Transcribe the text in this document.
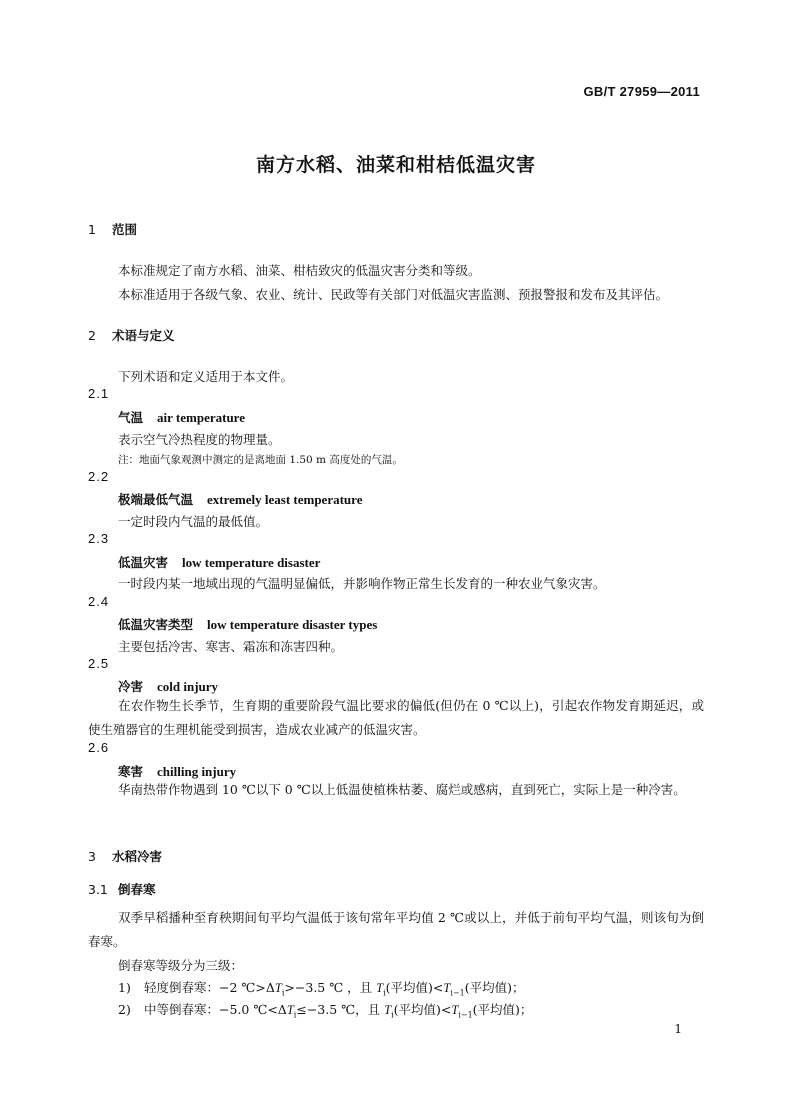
GB/T 27959—2011
南方水稻、油菜和柑桔低温灾害
1 范围
本标准规定了南方水稻、油菜、柑桔致灾的低温灾害分类和等级。
本标准适用于各级气象、农业、统计、民政等有关部门对低温灾害监测、预报警报和发布及其评估。
2 术语与定义
下列术语和定义适用于本文件。
2.1
气温 air temperature
表示空气冷热程度的物理量。
注：地面气象观测中测定的是离地面 1.50 m 高度处的气温。
2.2
极端最低气温 extremely least temperature
一定时段内气温的最低值。
2.3
低温灾害 low temperature disaster
一时段内某一地域出现的气温明显偏低，并影响作物正常生长发育的一种农业气象灾害。
2.4
低温灾害类型 low temperature disaster types
主要包括冷害、寒害、霜冻和冻害四种。
2.5
冷害 cold injury
在农作物生长季节，生育期的重要阶段气温比要求的偏低(但仍在 0 ℃以上)，引起农作物发育期延迟，或使生殖器官的生理机能受到损害，造成农业减产的低温灾害。
2.6
寒害 chilling injury
华南热带作物遇到 10 ℃以下 0 ℃以上低温使植株枯萎、腐烂或感病，直到死亡，实际上是一种冷害。
3 水稻冷害
3.1 倒春寒
双季早稻播种至育秧期间旬平均气温低于该旬常年平均值 2 ℃或以上，并低于前旬平均气温，则该旬为倒春寒。
倒春寒等级分为三级：
1) 轻度倒春寒：−2 $℃>\Delta T_i>-3.5$ ℃ ，且 $T_i$(平均值)$<T_{i-1}$(平均值)；
2) 中等倒春寒：−5.0 $℃<\Delta T_i\le-3.5$ ℃，且 $T_i$(平均值)$<T_{i-1}$(平均值)；
1
